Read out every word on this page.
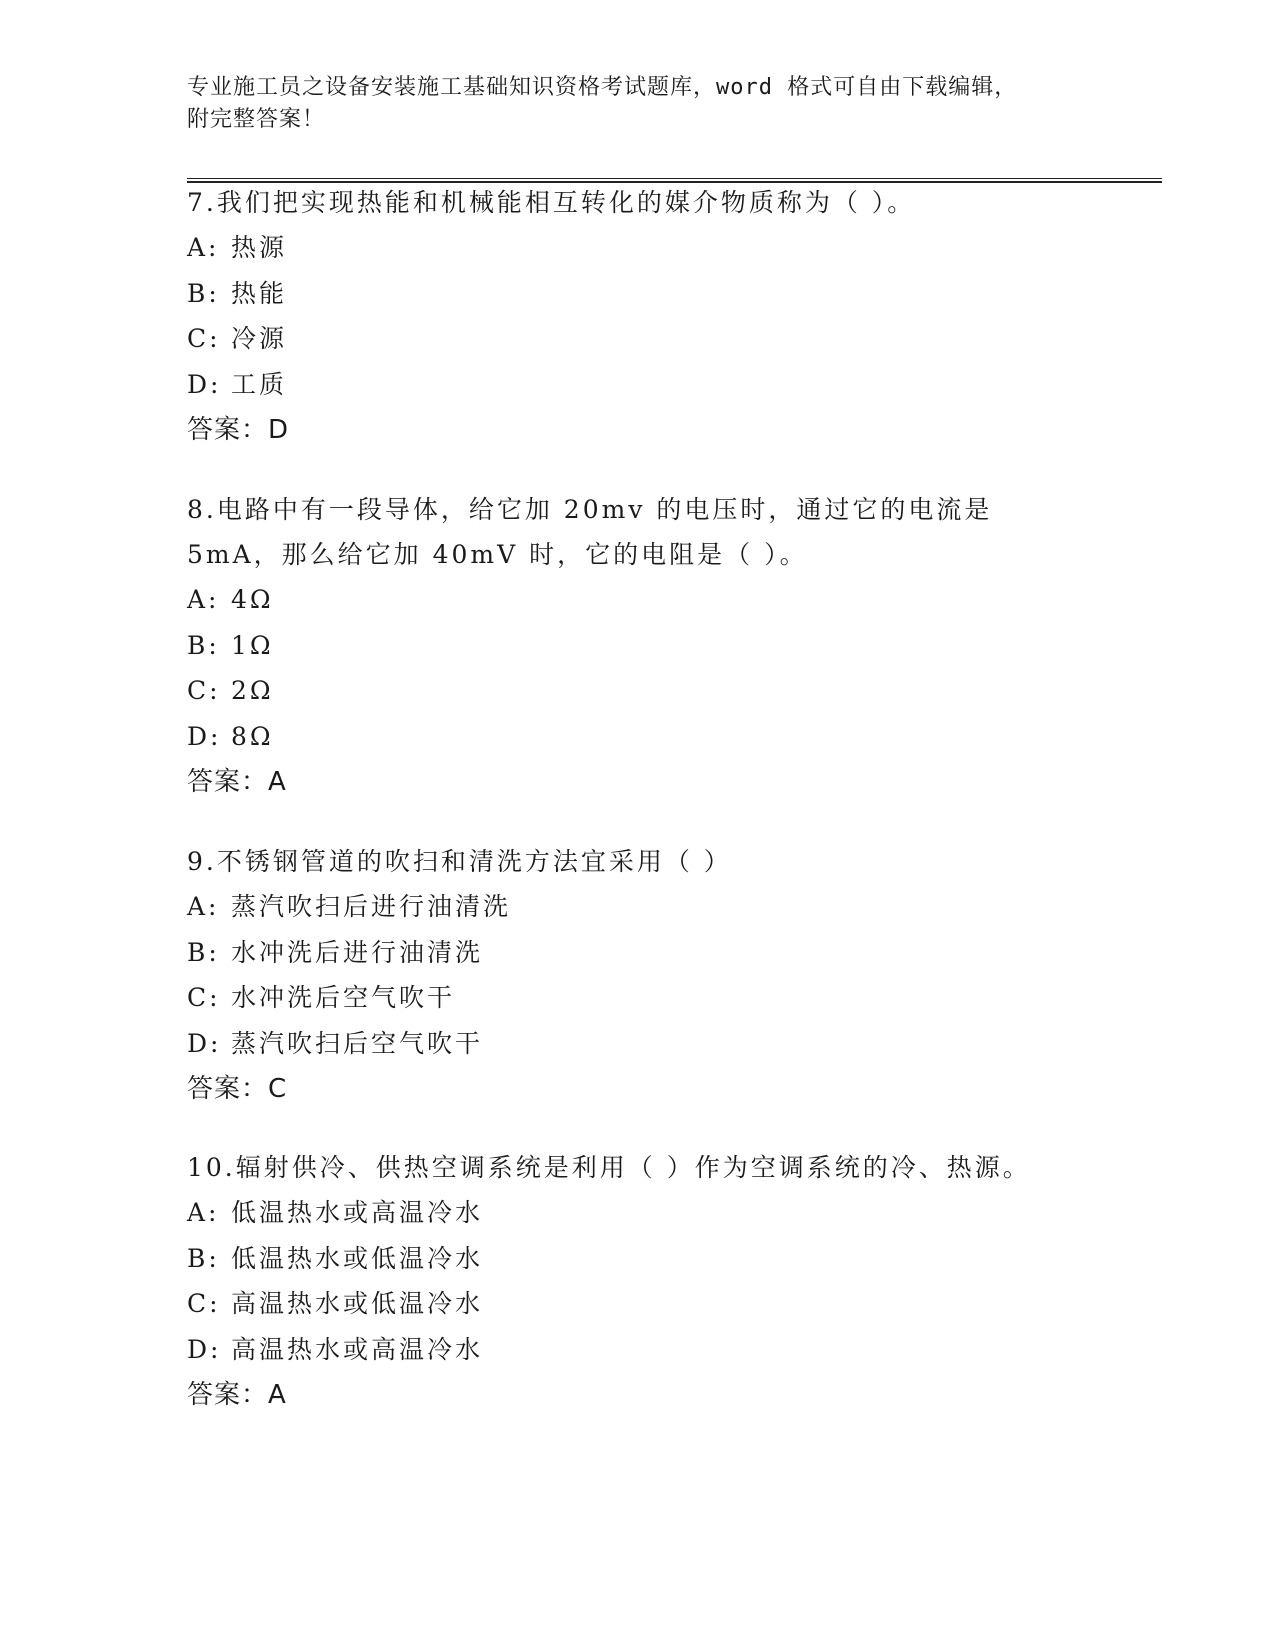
专业施工员之设备安装施工基础知识资格考试题库，word 格式可自由下载编辑，
附完整答案！

7.我们把实现热能和机械能相互转化的媒介物质称为（ ）。

A: 热源
B: 热能
C: 冷源
D: 工质
答案：D

8.电路中有一段导体，给它加 20mv 的电压时，通过它的电流是 5mA，那么给它加 40mV 时，它的电阻是（ ）。

A: 4Ω
B: 1Ω
C: 2Ω
D: 8Ω
答案：A

9.不锈钢管道的吹扫和清洗方法宜采用（ ）

A: 蒸汽吹扫后进行油清洗
B: 水冲洗后进行油清洗
C: 水冲洗后空气吹干
D: 蒸汽吹扫后空气吹干
答案：C

10.辐射供冷、供热空调系统是利用（ ）作为空调系统的冷、热源。

A: 低温热水或高温冷水
B: 低温热水或低温冷水
C: 高温热水或低温冷水
D: 高温热水或高温冷水
答案：A
